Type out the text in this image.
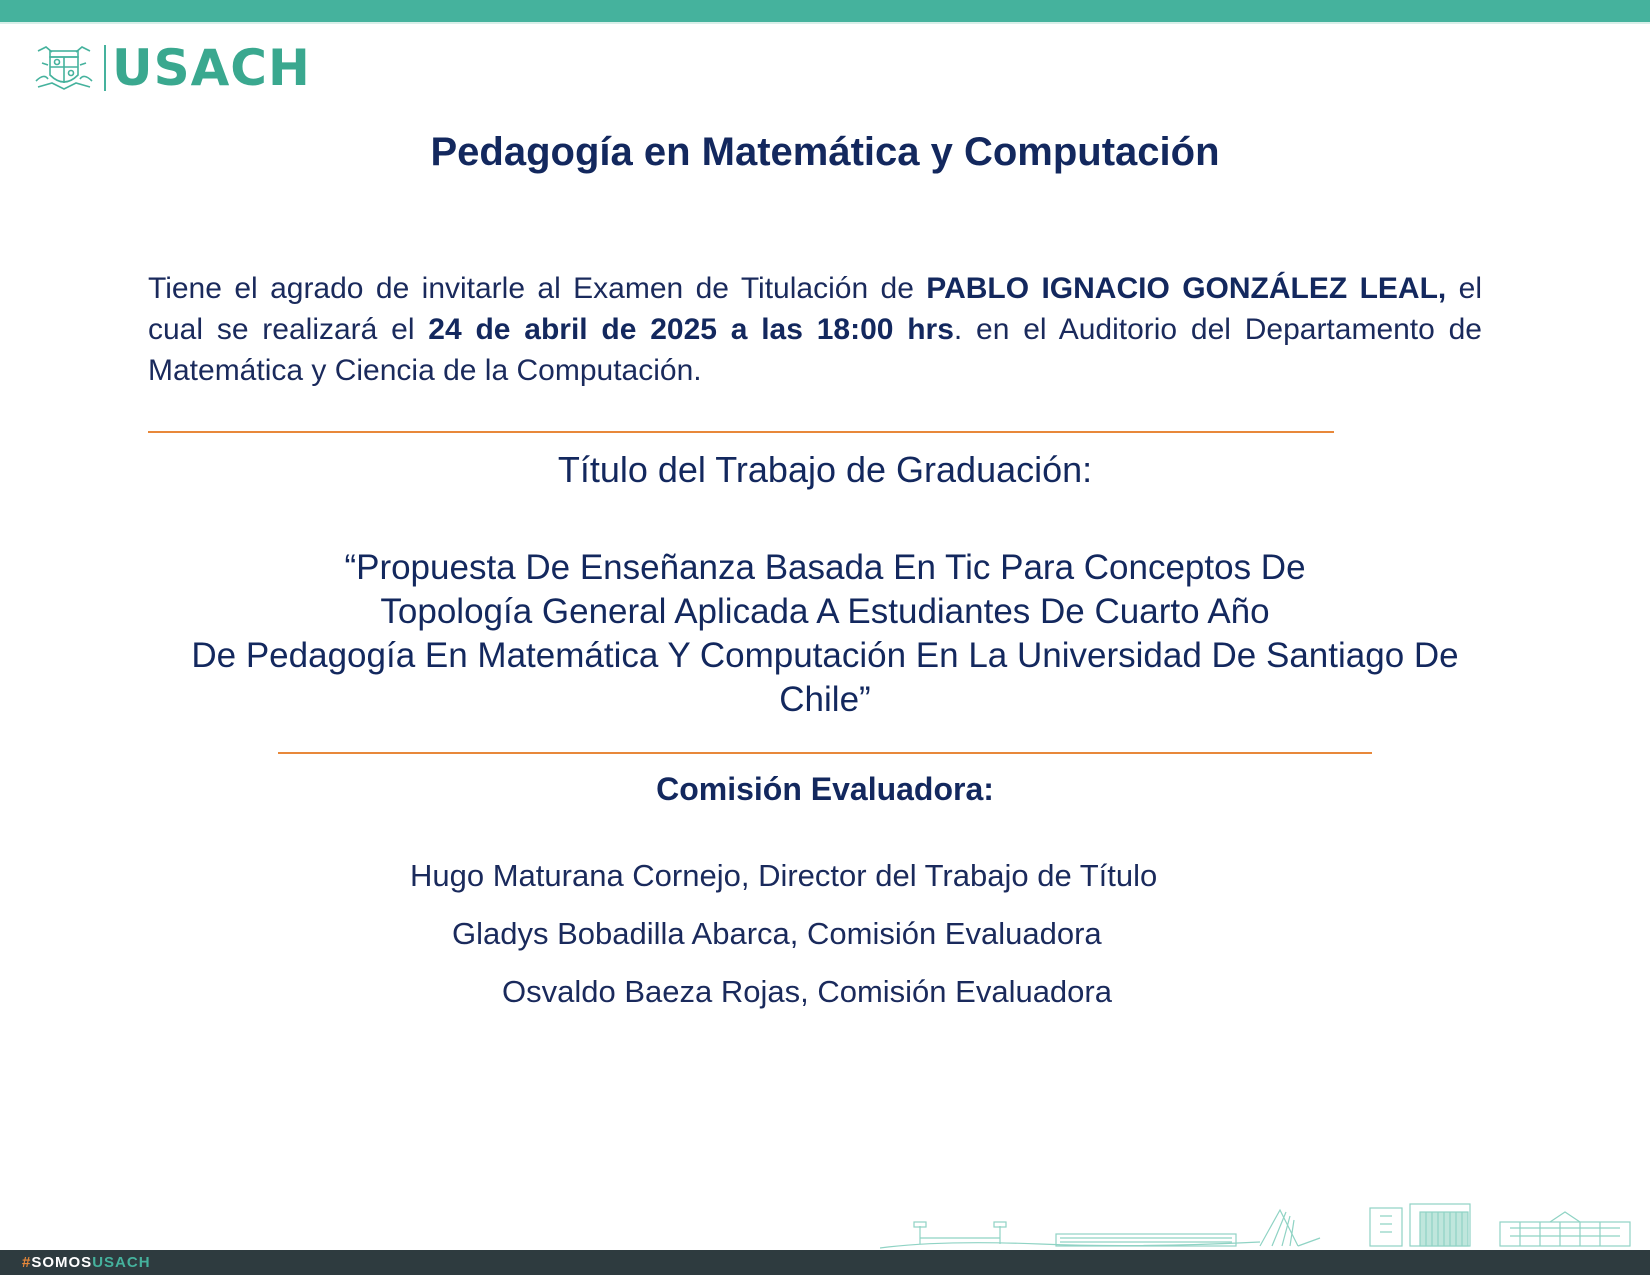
USACH
Pedagogía en Matemática y Computación
Tiene el agrado de invitarle al Examen de Titulación de PABLO IGNACIO GONZÁLEZ LEAL, el cual se realizará el 24 de abril de 2025 a las 18:00 hrs. en el Auditorio del Departamento de Matemática y Ciencia de la Computación.
Título del Trabajo de Graduación:
“Propuesta De Enseñanza Basada En Tic Para Conceptos De
Topología General Aplicada A Estudiantes De Cuarto Año
De Pedagogía En Matemática Y Computación En La Universidad De Santiago De
Chile”
Comisión Evaluadora:
Hugo Maturana Cornejo, Director del Trabajo de Título
Gladys Bobadilla Abarca, Comisión Evaluadora
Osvaldo Baeza Rojas, Comisión Evaluadora
#SOMOSUSACH
